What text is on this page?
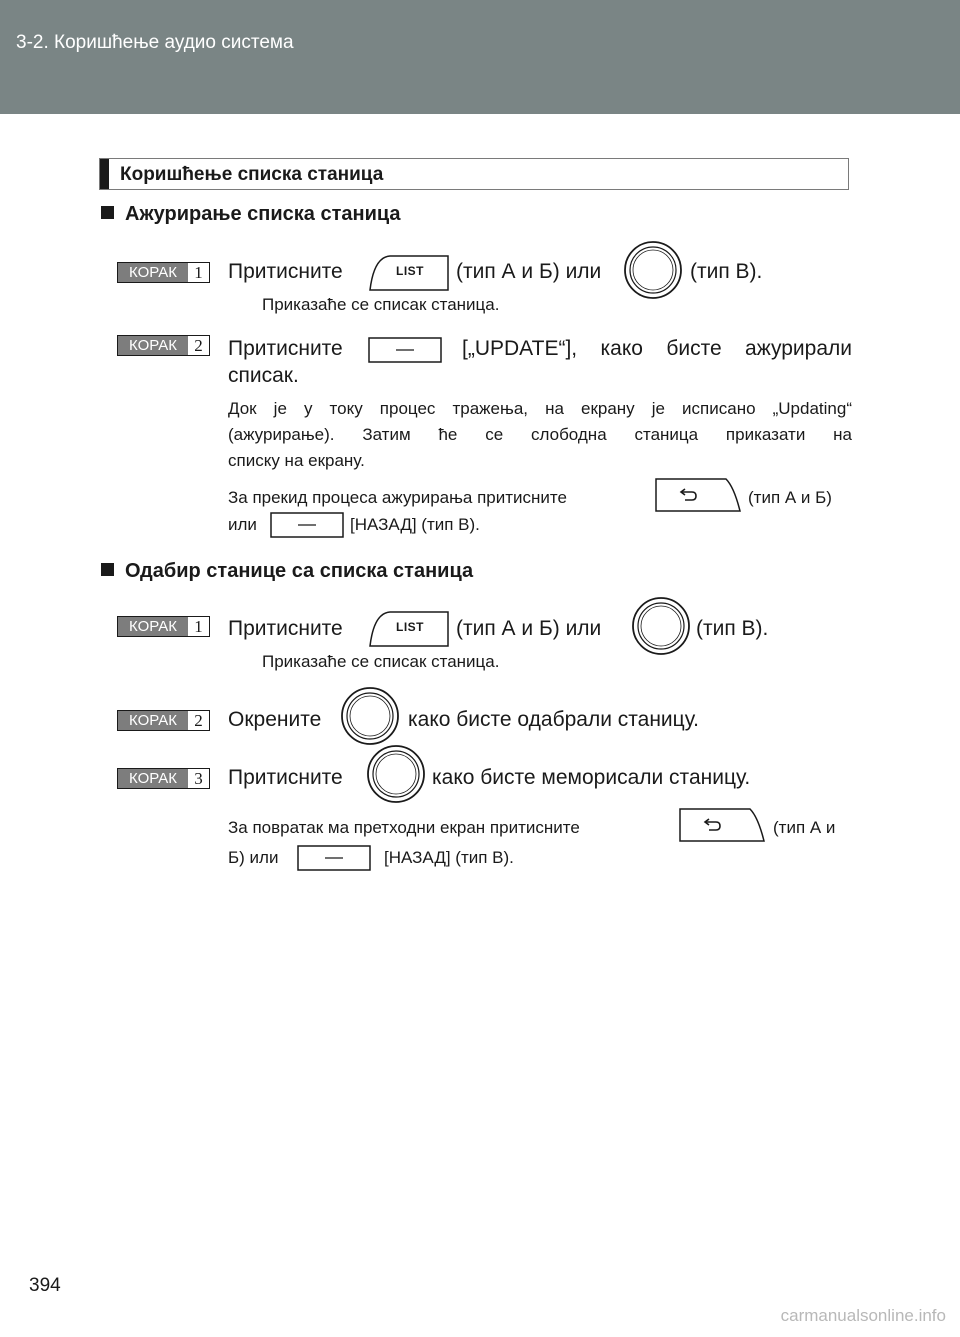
3-2. Коришћење аудио система
Коришћење списка станица
Ажурирање списка станица
КОРАК	1 Притисните	LIST	(тип А и Б) или	(тип В).
Приказаће се списак станица.
КОРАК	2 Притисните	[„UPDATE“], како бисте ажурирали
списак.
Док је у току процес тражења, на екрану је исписано „Updating“
(ажурирање). Затим ће се слободна станица приказати на
списку на екрану.
За прекид процеса ажурирања притисните	(тип А и Б)
или	[НАЗАД] (тип В).
Одабир станице са списка станица
КОРАК	1 Притисните	LIST	(тип А и Б) или	(тип В).
Приказаће се списак станица.
КОРАК	2 Окрените	како бисте одабрали станицу.
КОРАК	3 Притисните	како бисте меморисали станицу.
За повратак ма претходни екран притисните	(тип А и
Б) или	[НАЗАД] (тип В).
394
carmanualsonline.info
